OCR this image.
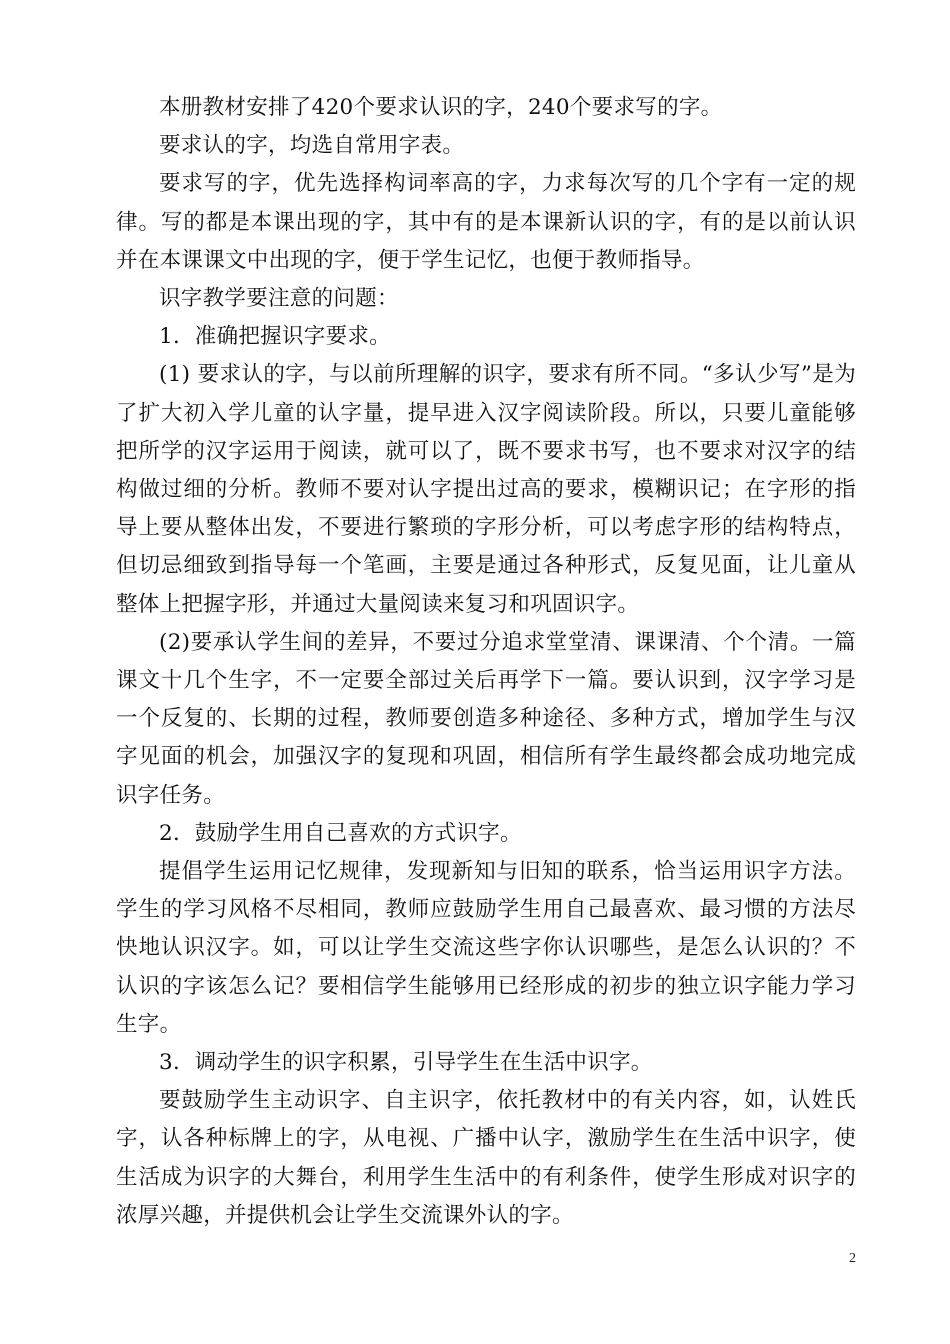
本册教材安排了420个要求认识的字，240个要求写的字。

要求认的字，均选自常用字表。

要求写的字，优先选择构词率高的字，力求每次写的几个字有一定的规律。写的都是本课出现的字，其中有的是本课新认识的字，有的是以前认识并在本课课文中出现的字，便于学生记忆，也便于教师指导。

识字教学要注意的问题：

1．准确把握识字要求。

(1) 要求认的字，与以前所理解的识字，要求有所不同。“多认少写”是为了扩大初入学儿童的认字量，提早进入汉字阅读阶段。所以，只要儿童能够把所学的汉字运用于阅读，就可以了，既不要求书写，也不要求对汉字的结构做过细的分析。教师不要对认字提出过高的要求，模糊识记；在字形的指导上要从整体出发，不要进行繁琐的字形分析，可以考虑字形的结构特点，但切忌细致到指导每一个笔画，主要是通过各种形式，反复见面，让儿童从整体上把握字形，并通过大量阅读来复习和巩固识字。

(2)要承认学生间的差异，不要过分追求堂堂清、课课清、个个清。一篇课文十几个生字，不一定要全部过关后再学下一篇。要认识到，汉字学习是一个反复的、长期的过程，教师要创造多种途径、多种方式，增加学生与汉字见面的机会，加强汉字的复现和巩固，相信所有学生最终都会成功地完成识字任务。

2．鼓励学生用自己喜欢的方式识字。

提倡学生运用记忆规律，发现新知与旧知的联系，恰当运用识字方法。学生的学习风格不尽相同，教师应鼓励学生用自己最喜欢、最习惯的方法尽快地认识汉字。如，可以让学生交流这些字你认识哪些，是怎么认识的？不认识的字该怎么记？要相信学生能够用已经形成的初步的独立识字能力学习生字。

3．调动学生的识字积累，引导学生在生活中识字。

要鼓励学生主动识字、自主识字，依托教材中的有关内容，如，认姓氏字，认各种标牌上的字，从电视、广播中认字，激励学生在生活中识字，使生活成为识字的大舞台，利用学生生活中的有利条件，使学生形成对识字的浓厚兴趣，并提供机会让学生交流课外认的字。

2
